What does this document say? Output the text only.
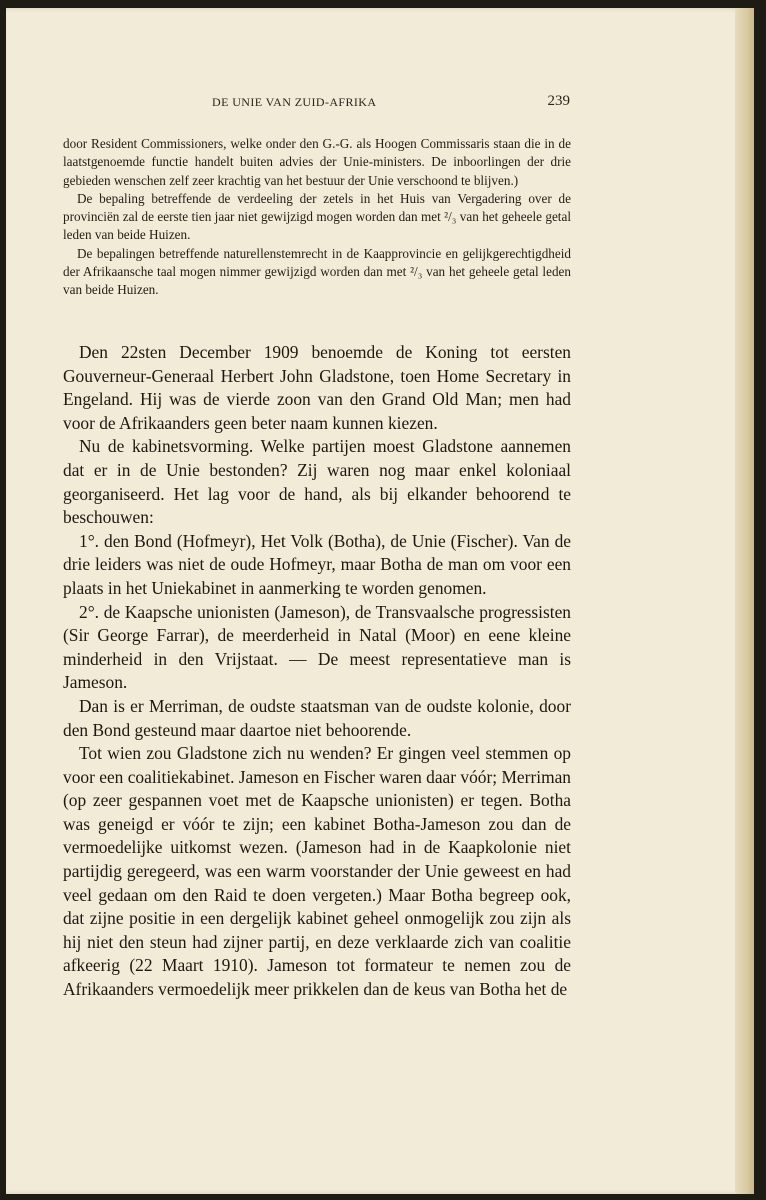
DE UNIE VAN ZUID-AFRIKA	239

door Resident Commissioners, welke onder den G.-G. als Hoogen Commissaris staan die in de laatstgenoemde functie handelt buiten advies der Unie-ministers. De inboorlingen der drie gebieden wenschen zelf zeer krachtig van het bestuur der Unie verschoond te blijven.)

De bepaling betreffende de verdeeling der zetels in het Huis van Vergadering over de provinciën zal de eerste tien jaar niet gewijzigd mogen worden dan met ²/₃ van het geheele getal leden van beide Huizen.

De bepalingen betreffende naturellenstemrecht in de Kaapprovincie en gelijkgerechtigdheid der Afrikaansche taal mogen nimmer gewijzigd worden dan met ²/₃ van het geheele getal leden van beide Huizen.

Den 22sten December 1909 benoemde de Koning tot eersten Gouverneur-Generaal Herbert John Gladstone, toen Home Secretary in Engeland. Hij was de vierde zoon van den Grand Old Man; men had voor de Afrikaanders geen beter naam kunnen kiezen.

Nu de kabinetsvorming. Welke partijen moest Gladstone aannemen dat er in de Unie bestonden? Zij waren nog maar enkel koloniaal georganiseerd. Het lag voor de hand, als bij elkander behoorend te beschouwen:

1°. den Bond (Hofmeyr), Het Volk (Botha), de Unie (Fischer). Van de drie leiders was niet de oude Hofmeyr, maar Botha de man om voor een plaats in het Uniekabinet in aanmerking te worden genomen.

2°. de Kaapsche unionisten (Jameson), de Transvaalsche progressisten (Sir George Farrar), de meerderheid in Natal (Moor) en eene kleine minderheid in den Vrijstaat. — De meest representatieve man is Jameson.

Dan is er Merriman, de oudste staatsman van de oudste kolonie, door den Bond gesteund maar daartoe niet behoorende.

Tot wien zou Gladstone zich nu wenden? Er gingen veel stemmen op voor een coalitiekabinet. Jameson en Fischer waren daar vóór; Merriman (op zeer gespannen voet met de Kaapsche unionisten) er tegen. Botha was geneigd er vóór te zijn; een kabinet Botha-Jameson zou dan de vermoedelijke uitkomst wezen. (Jameson had in de Kaapkolonie niet partijdig geregeerd, was een warm voorstander der Unie geweest en had veel gedaan om den Raid te doen vergeten.) Maar Botha begreep ook, dat zijne positie in een dergelijk kabinet geheel onmogelijk zou zijn als hij niet den steun had zijner partij, en deze verklaarde zich van coalitie afkeerig (22 Maart 1910). Jameson tot formateur te nemen zou de Afrikaanders vermoedelijk meer prikkelen dan de keus van Botha het de
